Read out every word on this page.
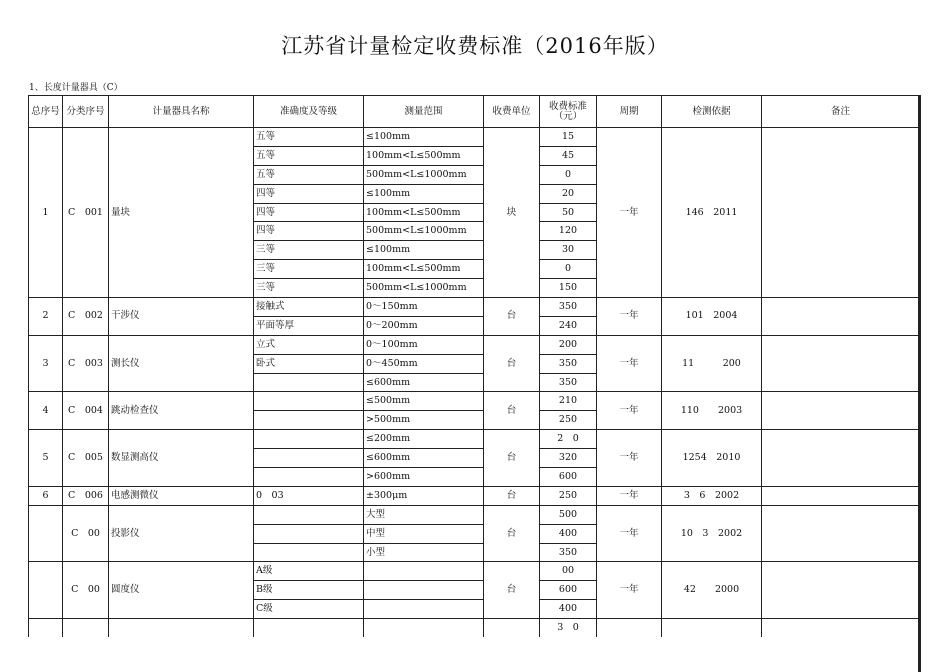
江苏省计量检定收费标准（2016年版）
1、长度计量器具（C）
总序号	分类序号	计量器具名称	准确度及等级	测量范围	收费单位	收费标准（元）	周期	检测依据	备注
1	C　001	量块	五等	≤100mm	块	15	一年	146　2011	
			五等	100mm<L≤500mm		45			
			五等	500mm<L≤1000mm		0			
			四等	≤100mm		20			
			四等	100mm<L≤500mm		50			
			四等	500mm<L≤1000mm		120			
			三等	≤100mm		30			
			三等	100mm<L≤500mm		0			
			三等	500mm<L≤1000mm		150			
2	C　002	干涉仪	接触式	0～150mm	台	350	一年	101　2004	
			平面等厚	0～200mm		240			
3	C　003	测长仪	立式	0～100mm	台	200	一年	11　　　200	
			卧式	0～450mm		350			
				≤600mm		350			
4	C　004	跳动检查仪		≤500mm	台	210	一年	110　　2003	
				>500mm		250			
5	C　005	数显测高仪		≤200mm	台	2　0	一年	1254　2010	
				≤600mm		320			
				>600mm		600			
6	C　006	电感测微仪	0　03	±300μm	台	250	一年	3　6　2002	
	C　00	投影仪		大型	台	500	一年	10　3　2002	
				中型		400			
				小型		350			
	C　00	圆度仪	A级		台	00	一年	42　　2000	
			B级			600			
			C级			400			
						3　0			
